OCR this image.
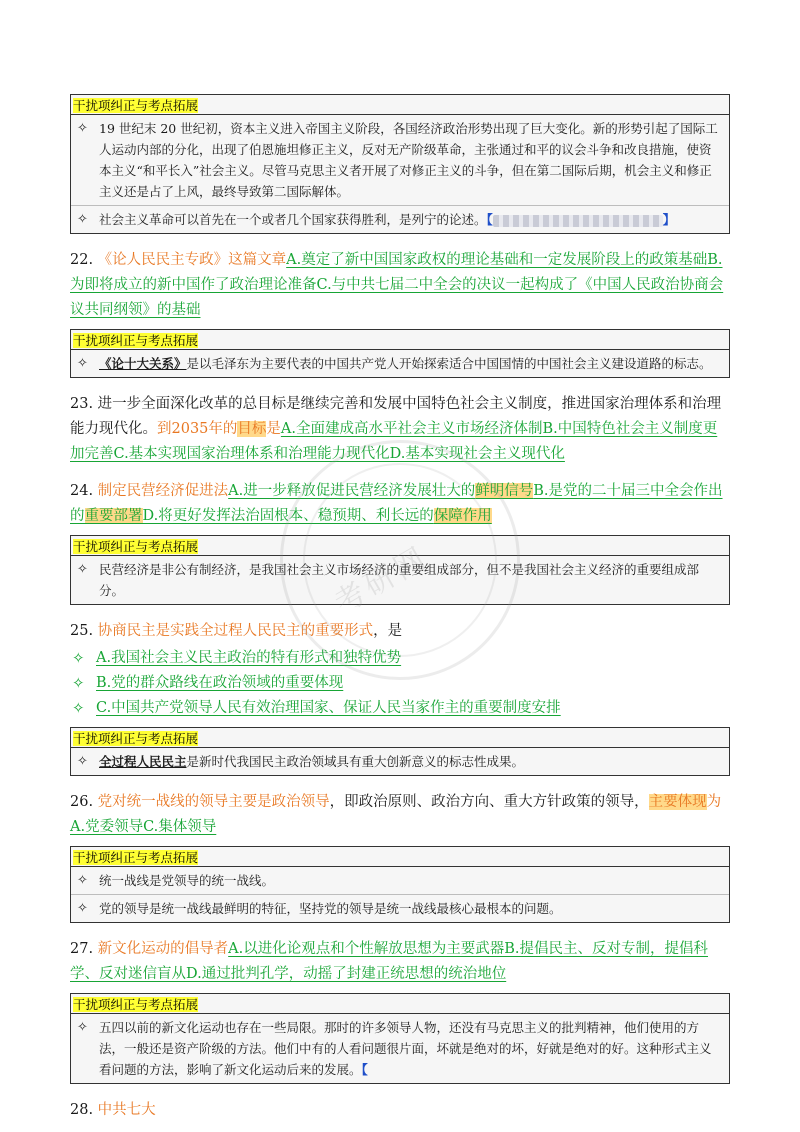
干扰项纠正与考点拓展
✧ 19 世纪末 20 世纪初，资本主义进入帝国主义阶段，各国经济政治形势出现了巨大变化。新的形势引起了国际工人运动内部的分化，出现了伯恩施坦修正主义，反对无产阶级革命，主张通过和平的议会斗争和改良措施，使资本主义“和平长入”社会主义。尽管马克思主义者开展了对修正主义的斗争，但在第二国际后期，机会主义和修正主义还是占了上风，最终导致第二国际解体。
✧ 社会主义革命可以首先在一个或者几个国家获得胜利，是列宁的论述。【	】
22. 《论人民民主专政》这篇文章A.奠定了新中国国家政权的理论基础和一定发展阶段上的政策基础B.为即将成立的新中国作了政治理论准备C.与中共七届二中全会的决议一起构成了《中国人民政治协商会议共同纲领》的基础
干扰项纠正与考点拓展
✧ 《论十大关系》是以毛泽东为主要代表的中国共产党人开始探索适合中国国情的中国社会主义建设道路的标志。
23. 进一步全面深化改革的总目标是继续完善和发展中国特色社会主义制度，推进国家治理体系和治理能力现代化。到2035年的目标是A.全面建成高水平社会主义市场经济体制B.中国特色社会主义制度更加完善C.基本实现国家治理体系和治理能力现代化D.基本实现社会主义现代化
24. 制定民营经济促进法A.进一步释放促进民营经济发展壮大的鲜明信号B.是党的二十届三中全会作出的重要部署D.将更好发挥法治固根本、稳预期、利长远的保障作用
干扰项纠正与考点拓展
✧ 民营经济是非公有制经济，是我国社会主义市场经济的重要组成部分，但不是我国社会主义经济的重要组成部分。
25. 协商民主是实践全过程人民民主的重要形式，是
✧ A.我国社会主义民主政治的特有形式和独特优势
✧ B.党的群众路线在政治领域的重要体现
✧ C.中国共产党领导人民有效治理国家、保证人民当家作主的重要制度安排
干扰项纠正与考点拓展
✧ 全过程人民民主是新时代我国民主政治领域具有重大创新意义的标志性成果。
26. 党对统一战线的领导主要是政治领导，即政治原则、政治方向、重大方针政策的领导，主要体现为A.党委领导C.集体领导
干扰项纠正与考点拓展
✧ 统一战线是党领导的统一战线。
✧ 党的领导是统一战线最鲜明的特征，坚持党的领导是统一战线最核心最根本的问题。
27. 新文化运动的倡导者A.以进化论观点和个性解放思想为主要武器B.提倡民主、反对专制，提倡科学、反对迷信盲从D.通过批判孔学，动摇了封建正统思想的统治地位
干扰项纠正与考点拓展
✧ 五四以前的新文化运动也存在一些局限。那时的许多领导人物，还没有马克思主义的批判精神，他们使用的方法，一般还是资产阶级的方法。他们中有的人看问题很片面，坏就是绝对的坏，好就是绝对的好。这种形式主义看问题的方法，影响了新文化运动后来的发展。【
28. 中共七大
考研网
